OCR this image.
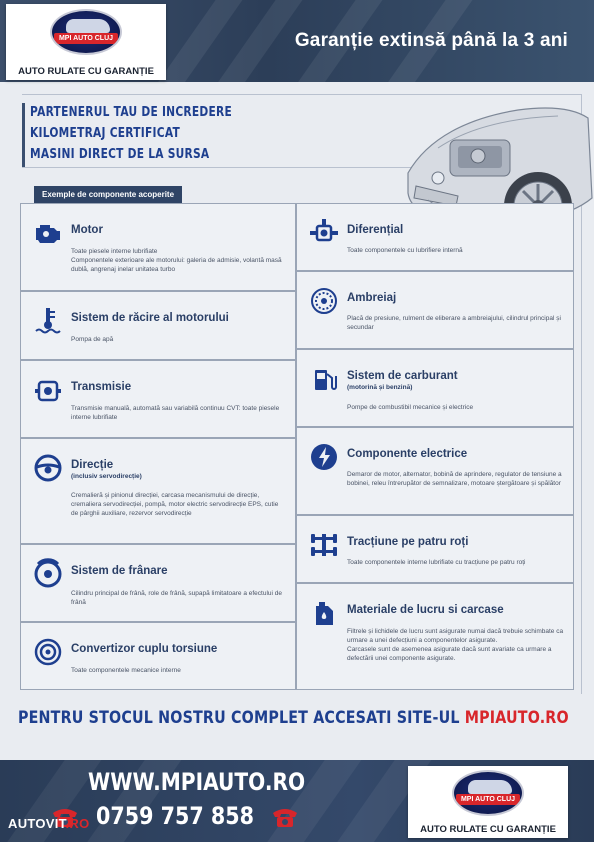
Garanție extinsă până la 3 ani
MPI AUTO CLUJ
AUTO RULATE CU GARANȚIE
PARTENERUL TAU DE INCREDERE
KILOMETRAJ CERTIFICAT
MASINI DIRECT DE LA SURSA
Exemple de componente acoperite
Motor
Toate piesele interne lubrifiate
Componentele exterioare ale motorului: galeria de admisie, volantă masă dublă, angrenaj inelar unitatea turbo
Sistem de răcire al motorului
Pompa de apă
Transmisie
Transmisie manuală, automată sau variabilă continuu CVT: toate piesele interne lubrifiate
Direcție
(inclusiv servodirecție)
Cremalieră și pinionul direcției, carcasa mecanismului de direcție, cremaliera servodirecției, pompă, motor electric servodirecție EPS, cutie de pârghii auxiliare, rezervor servodirecție
Sistem de frânare
Cilindru principal de frână, role de frână, supapă limitatoare a efectului de frână
Convertizor cuplu torsiune
Toate componentele mecanice interne
Diferențial
Toate componentele cu lubrifiere internă
Ambreiaj
Placă de presiune, rulment de eliberare a ambreiajului, cilindrul principal și secundar
Sistem de carburant
(motorină și benzină)
Pompe de combustibil mecanice și electrice
Componente electrice
Demaror de motor, alternator, bobină de aprindere, regulator de tensiune a bobinei, releu întrerupător de semnalizare, motoare ștergătoare și spălător
Tracțiune pe patru roți
Toate componentele interne lubrifiate cu tracțiune pe patru roți
Materiale de lucru si carcase
Filtrele și lichidele de lucru sunt asigurate numai dacă trebuie schimbate ca urmare a unei defecțiuni a componentelor asigurate.
Carcasele sunt de asemenea asigurate dacă sunt avariate ca urmare a defectării unei componente asigurate.
PENTRU STOCUL NOSTRU COMPLET ACCESATI SITE-UL MPIAUTO.RO
WWW.MPIAUTO.RO
0759 757 858
AUTOVIT.RO
MPI AUTO CLUJ
AUTO RULATE CU GARANȚIE
